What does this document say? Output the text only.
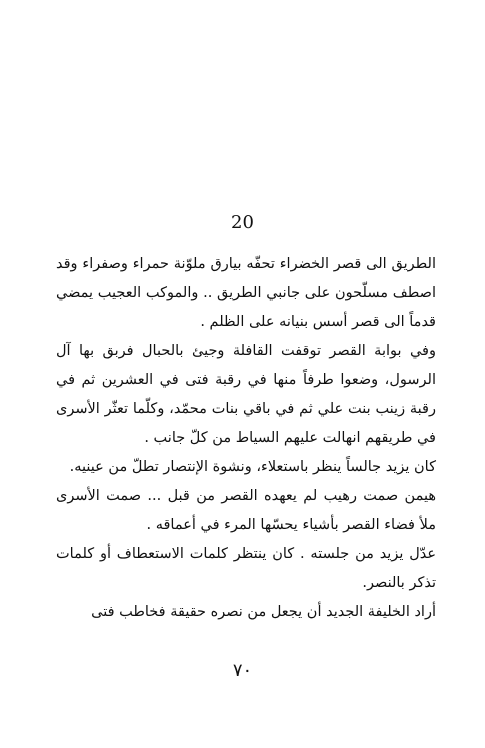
20

الطريق الى قصر الخضراء تحفّه بيارق ملوّنة حمراء وصفراء وقد اصطف مسلّحون على جانبي الطريق .. والموكب العجيب يمضي قدماً الى قصر أسس بنيانه على الظلم .

وفي بوابة القصر توقفت القافلة وجيئ بالحبال فربق بها آل الرسول، وضعوا طرفاً منها في رقبة فتى في العشرين ثم في رقبة زينب بنت علي ثم في باقي بنات محمّد، وكلّما تعثّر الأسرى في طريقهم انهالت عليهم السياط من كلّ جانب .

كان يزيد جالساً ينظر باستعلاء، ونشوة الإنتصار تطلّ من عينيه.

هيمن صمت رهيب لم يعهده القصر من قبل ... صمت الأسرى ملأ فضاء القصر بأشياء يحسّها المرء في أعماقه .

عدّل يزيد من جلسته . كان ينتظر كلمات الاستعطاف أو كلمات تذكر بالنصر.

أراد الخليفة الجديد أن يجعل من نصره حقيقة فخاطب فتى

٧٠
